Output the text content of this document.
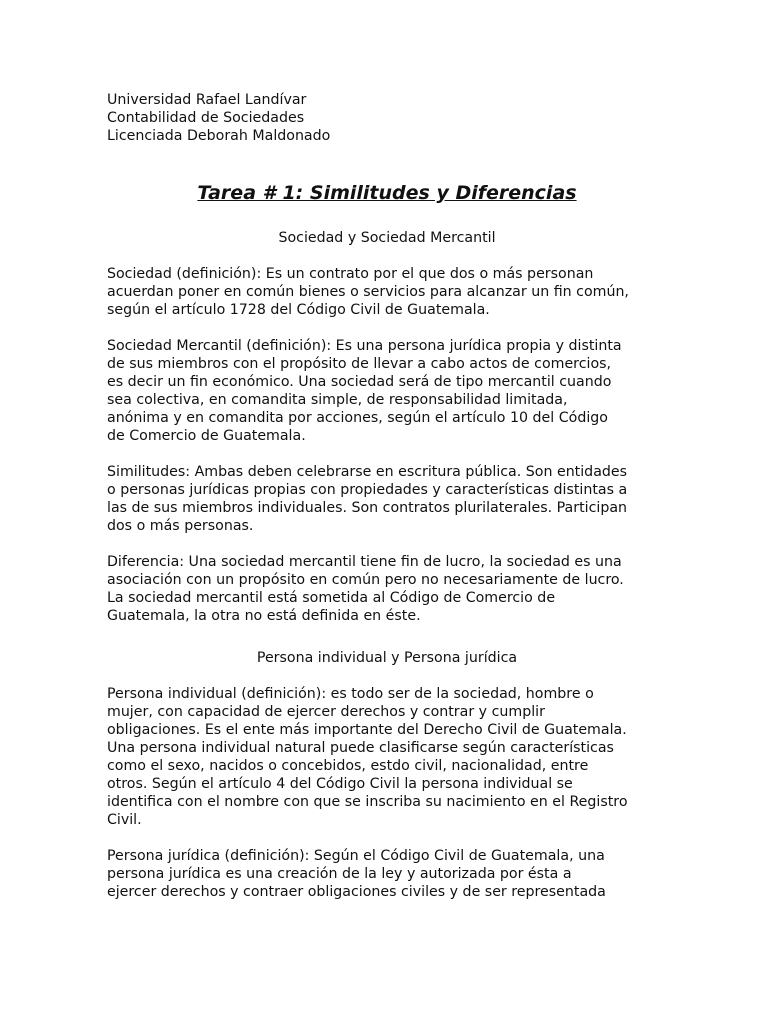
Universidad Rafael Landívar

Contabilidad de Sociedades

Licenciada Deborah Maldonado

Tarea # 1: Similitudes y Diferencias

Sociedad y Sociedad Mercantil

Sociedad (definición): Es un contrato por el que dos o más personan
acuerdan poner en común bienes o servicios para alcanzar un fin común,
según el artículo 1728 del Código Civil de Guatemala.

Sociedad Mercantil (definición): Es una persona jurídica propia y distinta
de sus miembros con el propósito de llevar a cabo actos de comercios,
es decir un fin económico. Una sociedad será de tipo mercantil cuando
sea colectiva, en comandita simple, de responsabilidad limitada,
anónima y en comandita por acciones, según el artículo 10 del Código
de Comercio de Guatemala.

Similitudes: Ambas deben celebrarse en escritura pública. Son entidades
o personas jurídicas propias con propiedades y características distintas a
las de sus miembros individuales. Son contratos plurilaterales. Participan
dos o más personas.

Diferencia: Una sociedad mercantil tiene fin de lucro, la sociedad es una
asociación con un propósito en común pero no necesariamente de lucro.
La sociedad mercantil está sometida al Código de Comercio de
Guatemala, la otra no está definida en éste.

Persona individual y Persona jurídica

Persona individual (definición): es todo ser de la sociedad, hombre o
mujer, con capacidad de ejercer derechos y contrar y cumplir
obligaciones. Es el ente más importante del Derecho Civil de Guatemala.
Una persona individual natural puede clasificarse según características
como el sexo, nacidos o concebidos, estdo civil, nacionalidad, entre
otros. Según el artículo 4 del Código Civil la persona individual se
identifica con el nombre con que se inscriba su nacimiento en el Registro
Civil.

Persona jurídica (definición): Según el Código Civil de Guatemala, una
persona jurídica es una creación de la ley y autorizada por ésta a
ejercer derechos y contraer obligaciones civiles y de ser representada
